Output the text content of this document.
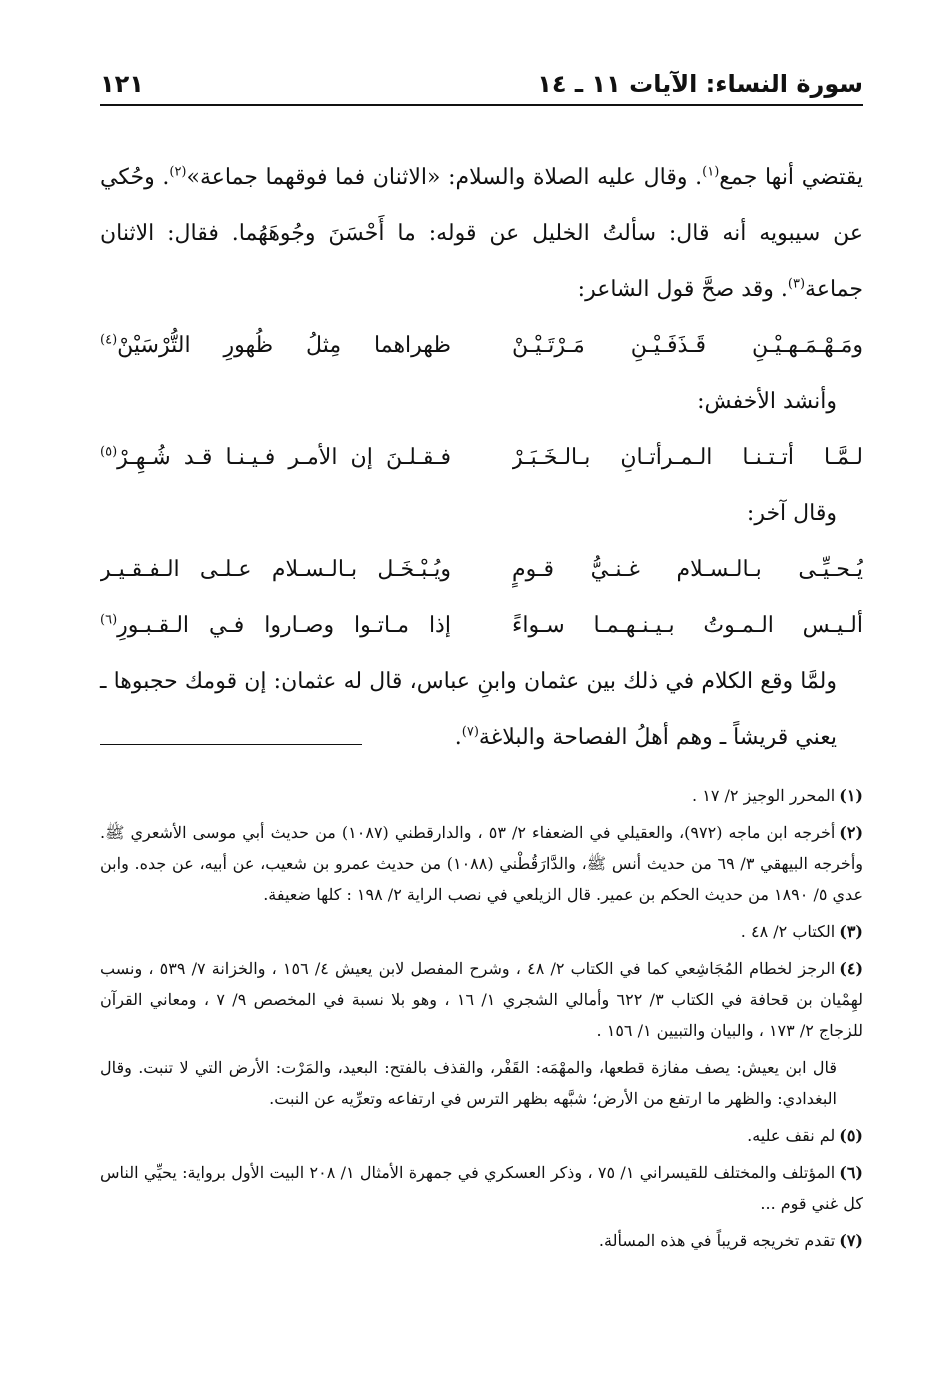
سورة النساء: الآيات ١١ ـ ١٤
١٢١

يقتضي أنها جمع$^{(١)}$. وقال عليه الصلاة والسلام: «الاثنان فما فوقهما جماعة»$^{(٢)}$. وحُكي عن سيبويه أنه قال: سألتُ الخليل عن قوله: ما أَحْسَنَ وجُوهَهُما. فقال: الاثنان جماعة$^{(٣)}$. وقد صحَّ قول الشاعر:

ومَـهْـمَـهـيْـنِ قَـذَفَـيْـنِ مَـرْتَـيْـنْ
ظهراهما مِثلُ ظُهورِ التُّرْسَيْنْ$^{(٤)}$

وأنشد الأخفش:

لـمَّـا أتـتـنـا الـمـرأتـانِ بـالـخَـبَـرْ
فـقـلـنَ إن الأمـر فـيـنـا قـد شُـهِـرْ$^{(٥)}$

وقال آخر:

يُـحـيِّـى بـالـسـلام غـنـيُّ قـومٍ
ويُـبْـخَـل بـالـسـلام عـلـى الـفـقـيـر
ألـيـس الـمـوتُ بـيـنـهـمـا سـواءً
إذا مـاتـوا وصـاروا فـي الـقـبـورِ$^{(٦)}$

ولمَّا وقع الكلام في ذلك بين عثمان وابنِ عباس، قال له عثمان: إن قومك حجبوها ـ يعني قريشاً ـ وهم أهلُ الفصاحة والبلاغة$^{(٧)}$.

(١)المحرر الوجيز ٢/ ١٧ .
(٢)أخرجه ابن ماجه (٩٧٢)، والعقيلي في الضعفاء ٢/ ٥٣ ، والدارقطني (١٠٨٧) من حديث أبي موسى الأشعري ﷺ. وأخرجه البيهقي ٣/ ٦٩ من حديث أنس ﷺ، والدَّارَقُطْني (١٠٨٨) من حديث عمرو بن شعيب، عن أبيه، عن جده. وابن عدي ٥/ ١٨٩٠ من حديث الحكم بن عمير. قال الزيلعي في نصب الراية ٢/ ١٩٨ : كلها ضعيفة.
(٣)الكتاب ٢/ ٤٨ .
(٤)الرجز لخطام المُجَاشِعي كما في الكتاب ٢/ ٤٨ ، وشرح المفصل لابن يعيش ٤/ ١٥٦ ، والخزانة ٧/ ٥٣٩ ، ونسب لهِمْيان بن قحافة في الكتاب ٣/ ٦٢٢ وأمالي الشجري ١/ ١٦ ، وهو بلا نسبة في المخصص ٩/ ٧ ، ومعاني القرآن للزجاج ٢/ ١٧٣ ، والبيان والتبيين ١/ ١٥٦ .
قال ابن يعيش: يصف مفازة قطعها، والمهْمَه: القَفْر، والقذف بالفتح: البعيد، والمَرْت: الأرض التي لا تنبت. وقال البغدادي: والظهر ما ارتفع من الأرض؛ شبَّهه بظهر الترس في ارتفاعه وتعرِّيه عن النبت.
(٥)لم نقف عليه.
(٦)المؤتلف والمختلف للقيسراني ١/ ٧٥ ، وذكر العسكري في جمهرة الأمثال ١/ ٢٠٨ البيت الأول برواية: يحيِّي الناس كل غني قوم ...
(٧)تقدم تخريجه قريباً في هذه المسألة.
